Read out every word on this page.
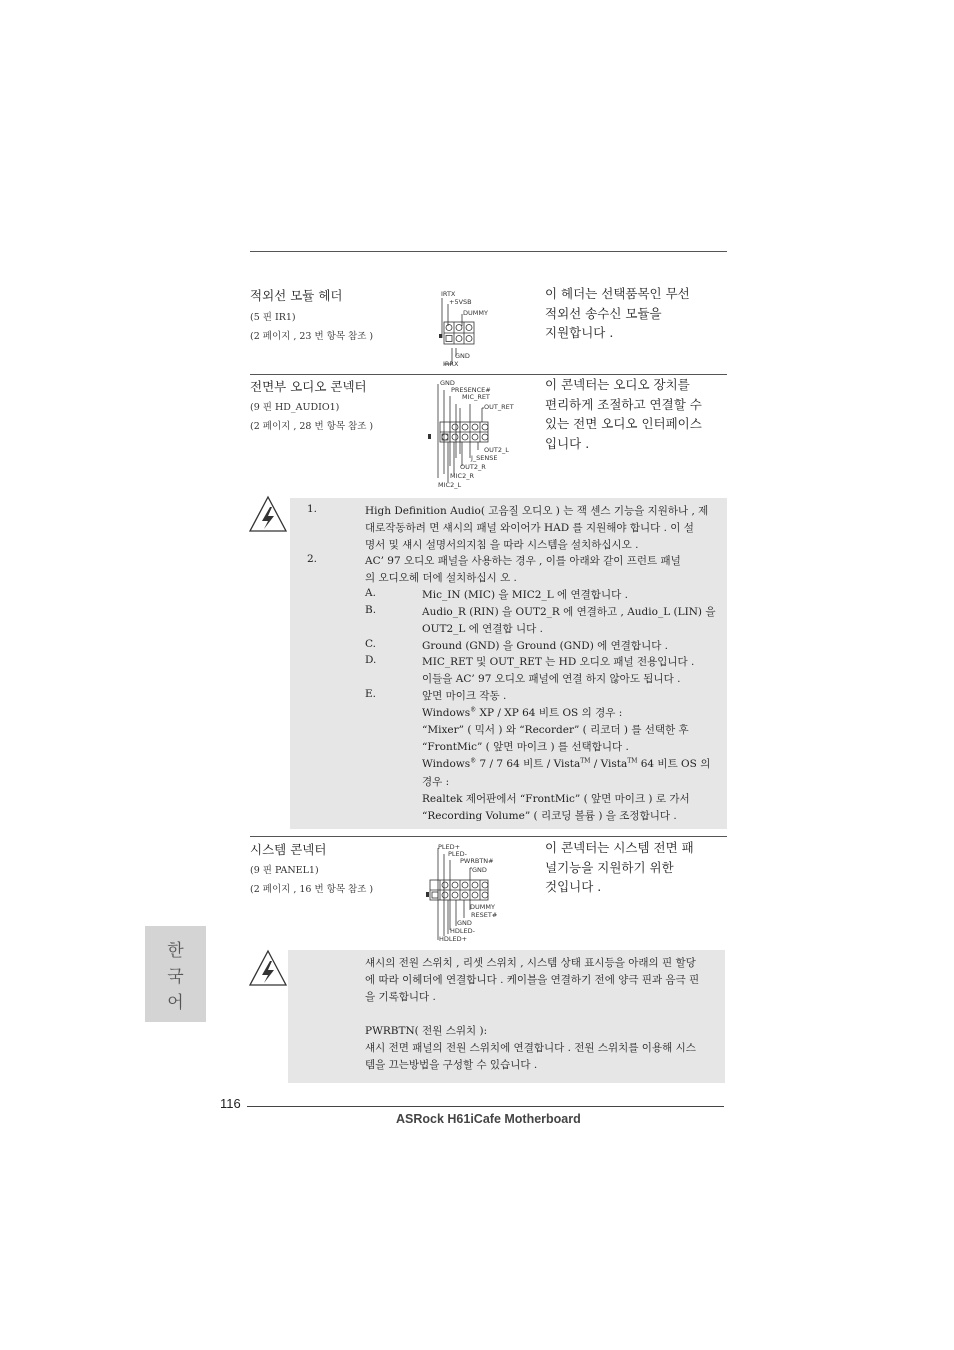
적외선 모듈 헤더
(5 핀 IR1)
(2 페이지 , 23 번 항목 참조 )
IRTX
+5VSB
DUMMY
GND
IRRX
이 헤더는 선택품목인 무선
적외선 송수신 모듈을
지원합니다 .
전면부 오디오 콘넥터
(9 핀 HD_AUDIO1)
(2 페이지 , 28 번 항목 참조 )
GND
PRESENCE#
MIC_RET
OUT_RET
OUT2_L
J_SENSE
OUT2_R
MIC2_R
MIC2_L
이 콘넥터는 오디오 장치를
편리하게 조절하고 연결할 수
있는 전면 오디오 인터페이스
입니다 .
1.	High Definition Audio( 고음질 오디오 ) 는 잭 센스 기능을 지원하나 , 제
대로작동하려 면 섀시의 패널 와이어가 HAD 를 지원해야 합니다 . 이 설
명서 및 섀시 설명서의지침 을 따라 시스템을 설치하십시오 .
2.	AC’ 97 오디오 패널을 사용하는 경우 , 이를 아래와 같이 프런트 패널
의 오디오헤 더에 설치하십시 오 .
A.	Mic_IN (MIC) 을 MIC2_L 에 연결합니다 .
B.	Audio_R (RIN) 을 OUT2_R 에 연결하고 , Audio_L (LIN) 을
OUT2_L 에 연결합 니다 .
C.	Ground (GND) 을 Ground (GND) 에 연결합니다 .
D.	MIC_RET 및 OUT_RET 는 HD 오디오 패널 전용입니다 .
이들을 AC’ 97 오디오 패널에 연결 하지 않아도 됩니다 .
E.	앞면 마이크 작동 .
Windows® XP / XP 64 비트 OS 의 경우 :
“Mixer” ( 믹서 ) 와 “Recorder” ( 리코더 ) 를 선택한 후
“FrontMic” ( 앞면 마이크 ) 를 선택합니다 .
Windows® 7 / 7 64 비트 / Vista™ / Vista™ 64 비트 OS 의
경우 :
Realtek 제어판에서 “FrontMic” ( 앞면 마이크 ) 로 가서
“Recording Volume” ( 리코딩 볼륨 ) 을 조정합니다 .
시스템 콘넥터
(9 핀 PANEL1)
(2 페이지 , 16 번 항목 참조 )
PLED+
PLED-
PWRBTN#
GND
DUMMY
RESET#
GND
HDLED-
HDLED+
이 콘넥터는 시스템 전면 패
널기능을 지원하기 위한
것입니다 .
섀시의 전원 스위치 , 리셋 스위치 , 시스템 상태 표시등을 아래의 핀 할당
에 따라 이헤더에 연결합니다 . 케이블을 연결하기 전에 양극 핀과 음극 핀
을 기록합니다 .
PWRBTN( 전원 스위치 ):
섀시 전면 패널의 전원 스위치에 연결합니다 . 전원 스위치를 이용해 시스
템을 끄는방법을 구성할 수 있습니다 .
한
국
어
116
ASRock H61iCafe Motherboard
